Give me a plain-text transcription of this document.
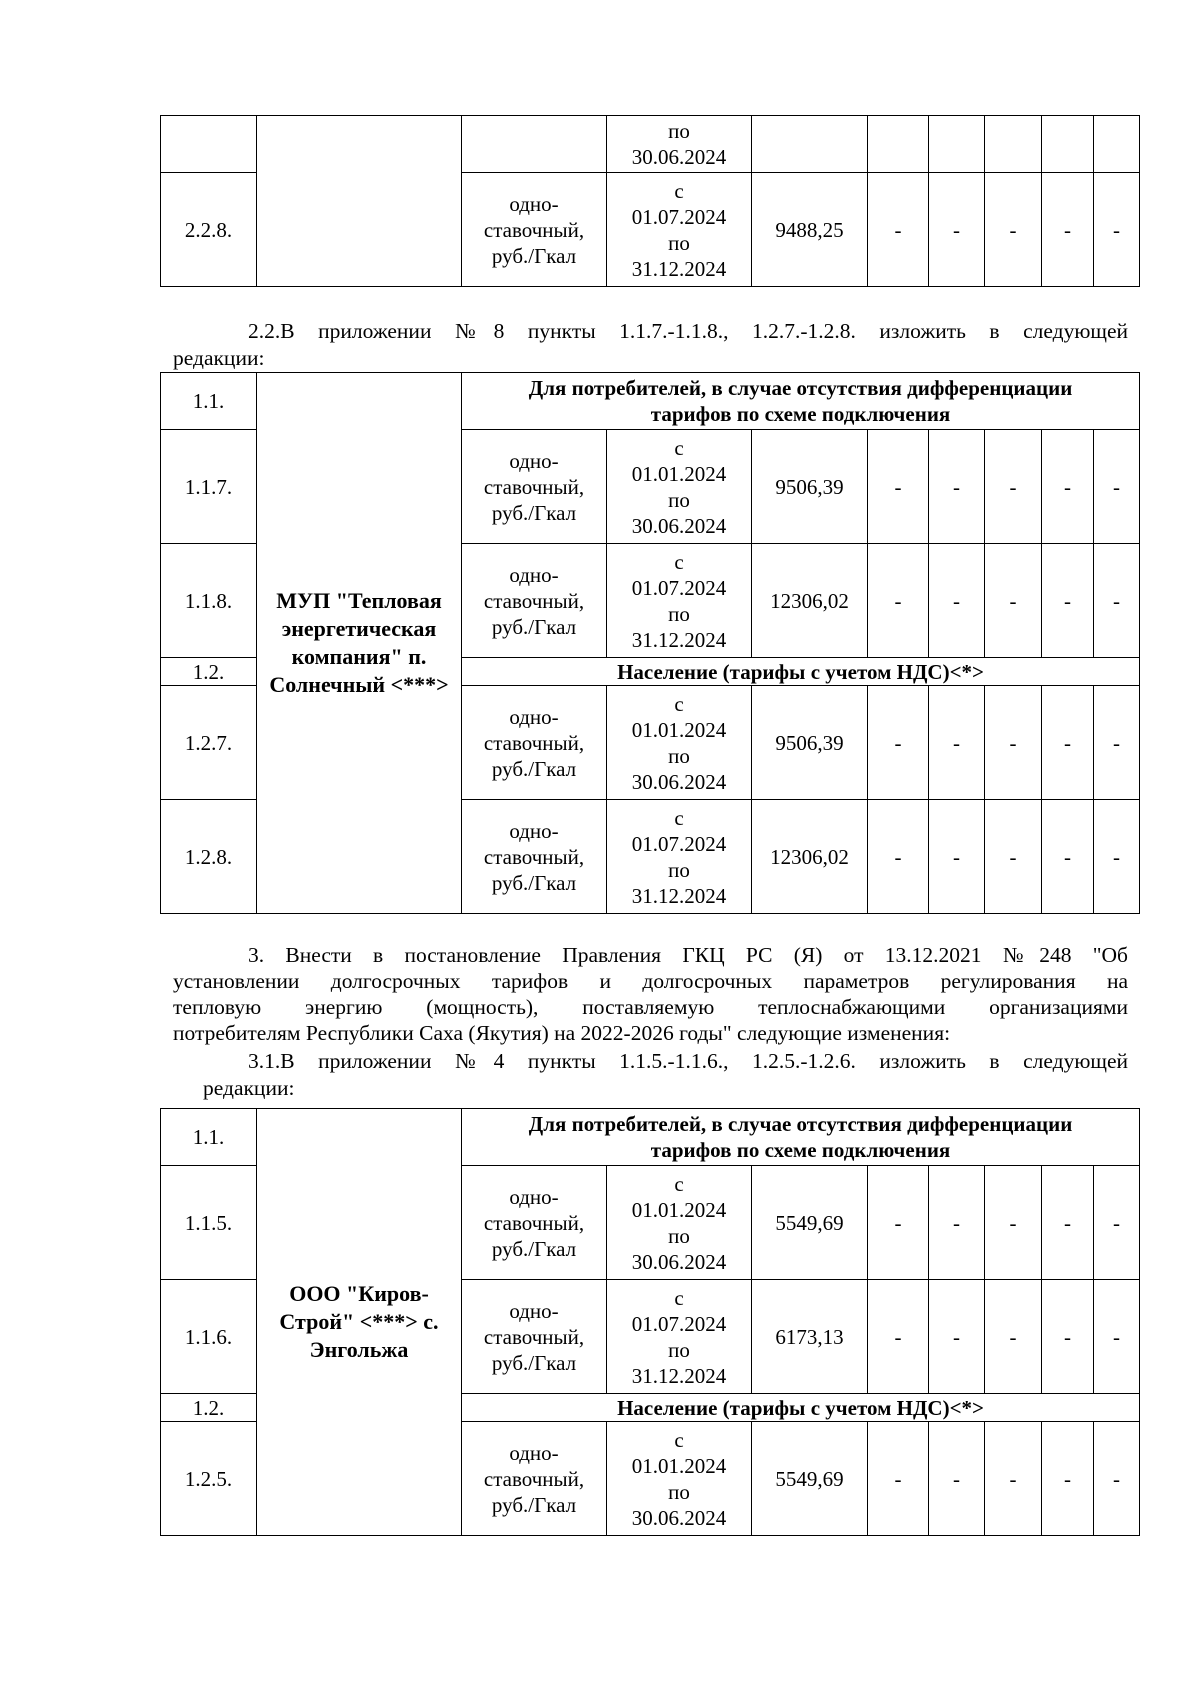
			по
30.06.2024						
2.2.8.		одно-
ставочный,
руб./Гкал	с
01.07.2024
по
31.12.2024	9488,25	-	-	-	-	-

2.2.В приложении №8 пункты 1.1.7.-1.1.8., 1.2.7.-1.2.8. изложить в следующей

редакции:

1.1.	МУП "Тепловая энергетическая компания" п. Солнечный <***>	Для потребителей, в случае отсутствия дифференциации
тарифов по схеме подключения							
1.1.7.		одно-
ставочный,
руб./Гкал	с
01.01.2024
по
30.06.2024	9506,39	-	-	-	-	-
1.1.8.		одно-
ставочный,
руб./Гкал	с
01.07.2024
по
31.12.2024	12306,02	-	-	-	-	-
1.2.		Население (тарифы с учетом НДС)<*>							
1.2.7.		одно-
ставочный,
руб./Гкал	с
01.01.2024
по
30.06.2024	9506,39	-	-	-	-	-
1.2.8.		одно-
ставочный,
руб./Гкал	с
01.07.2024
по
31.12.2024	12306,02	-	-	-	-	-

3. Внести в постановление Правления ГКЦ РС (Я) от 13.12.2021 №248 "Об

установлении долгосрочных тарифов и долгосрочных параметров регулирования на

тепловую энергию (мощность), поставляемую теплоснабжающими организациями

потребителям Республики Саха (Якутия) на 2022-2026 годы" следующие изменения:

3.1.В приложении №4 пункты 1.1.5.-1.1.6., 1.2.5.-1.2.6. изложить в следующей

редакции:

1.1.	ООО "Киров-Строй" <***> с. Энгольжа	Для потребителей, в случае отсутствия дифференциации
тарифов по схеме подключения							
1.1.5.		одно-
ставочный,
руб./Гкал	с
01.01.2024
по
30.06.2024	5549,69	-	-	-	-	-
1.1.6.		одно-
ставочный,
руб./Гкал	с
01.07.2024
по
31.12.2024	6173,13	-	-	-	-	-
1.2.		Население (тарифы с учетом НДС)<*>							
1.2.5.		одно-
ставочный,
руб./Гкал	с
01.01.2024
по
30.06.2024	5549,69	-	-	-	-	-
